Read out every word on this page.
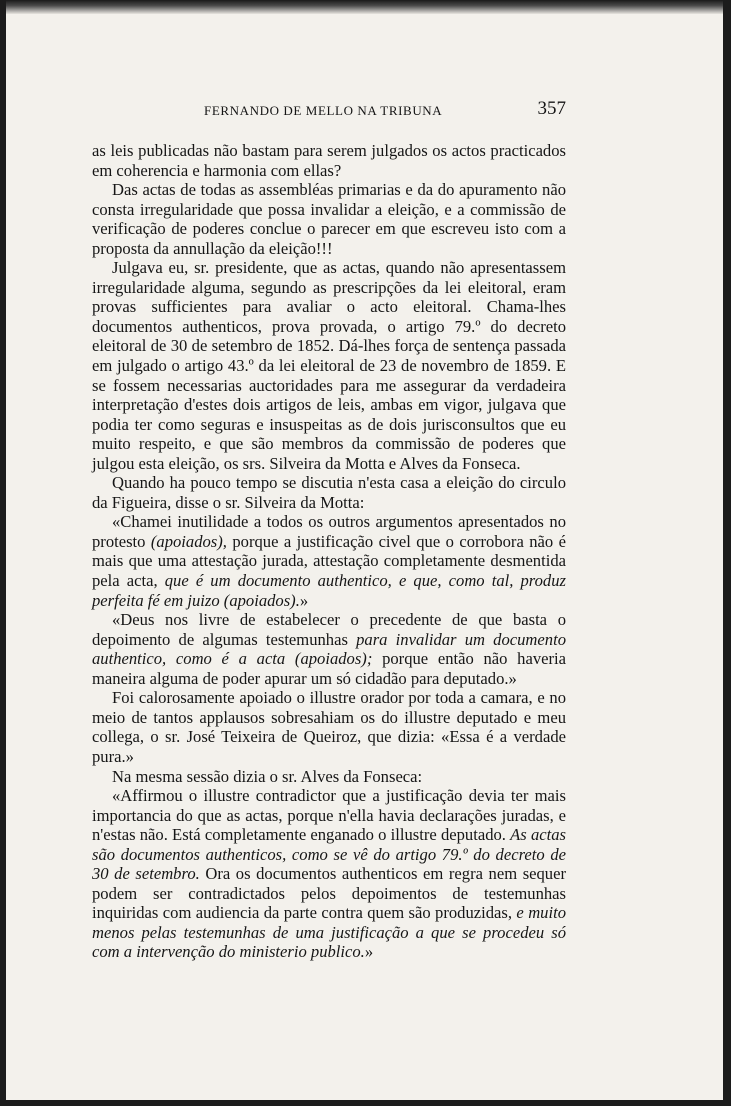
FERNANDO DE MELLO NA TRIBUNA	357

as leis publicadas não bastam para serem julgados os actos practicados em coherencia e harmonia com ellas?

Das actas de todas as assembléas primarias e da do apuramento não consta irregularidade que possa invalidar a eleição, e a commissão de verificação de poderes conclue o parecer em que escreveu isto com a proposta da annullação da eleição!!!

Julgava eu, sr. presidente, que as actas, quando não apresentassem irregularidade alguma, segundo as prescripções da lei eleitoral, eram provas sufficientes para avaliar o acto eleitoral. Chama-lhes documentos authenticos, prova provada, o artigo 79.º do decreto eleitoral de 30 de setembro de 1852. Dá-lhes força de sentença passada em julgado o artigo 43.º da lei eleitoral de 23 de novembro de 1859. E se fossem necessarias auctoridades para me assegurar da verdadeira interpretação d'estes dois artigos de leis, ambas em vigor, julgava que podia ter como seguras e insuspeitas as de dois jurisconsultos que eu muito respeito, e que são membros da commissão de poderes que julgou esta eleição, os srs. Silveira da Motta e Alves da Fonseca.

Quando ha pouco tempo se discutia n'esta casa a eleição do circulo da Figueira, disse o sr. Silveira da Motta:

«Chamei inutilidade a todos os outros argumentos apresentados no protesto (apoiados), porque a justificação civel que o corrobora não é mais que uma attestação jurada, attestação completamente desmentida pela acta, que é um documento authentico, e que, como tal, produz perfeita fé em juizo (apoiados).»

«Deus nos livre de estabelecer o precedente de que basta o depoimento de algumas testemunhas para invalidar um documento authentico, como é a acta (apoiados); porque então não haveria maneira alguma de poder apurar um só cidadão para deputado.»

Foi calorosamente apoiado o illustre orador por toda a camara, e no meio de tantos applausos sobresahiam os do illustre deputado e meu collega, o sr. José Teixeira de Queiroz, que dizia: «Essa é a verdade pura.»

Na mesma sessão dizia o sr. Alves da Fonseca:

«Affirmou o illustre contradictor que a justificação devia ter mais importancia do que as actas, porque n'ella havia declarações juradas, e n'estas não. Está completamente enganado o illustre deputado. As actas são documentos authenticos, como se vê do artigo 79.º do decreto de 30 de setembro. Ora os documentos authenticos em regra nem sequer podem ser contradictados pelos depoimentos de testemunhas inquiridas com audiencia da parte contra quem são produzidas, e muito menos pelas testemunhas de uma justificação a que se procedeu só com a intervenção do ministerio publico.»
